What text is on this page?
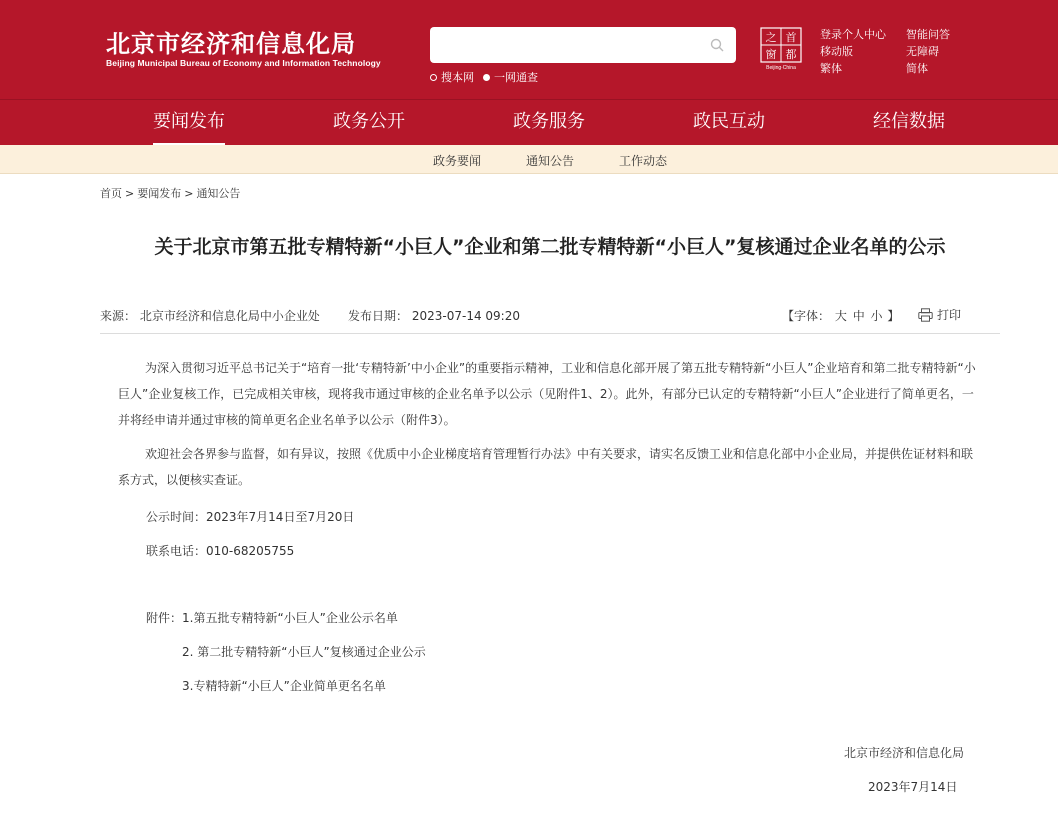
北京市经济和信息化局
Beijing Municipal Bureau of Economy and Information Technology
搜本网 一网通查
首
都
之
窗
Beijing·China
登录个人中心
移动版
繁体
智能问答
无障碍
简体
要闻发布	政务公开	政务服务	政民互动	经信数据
政务要闻	通知公告	工作动态
首页 > 要闻发布 > 通知公告
关于北京市第五批专精特新“小巨人”企业和第二批专精特新“小巨人”复核通过企业名单的公示
来源： 北京市经济和信息化局中小企业处 发布日期： 2023-07-14 09:20	【字体： 大 中 小 】	打印
为深入贯彻习近平总书记关于“培育一批‘专精特新’中小企业”的重要指示精神，工业和信息化部开展了第五批专精特新“小巨人”企业培育和第二批专精特新“小巨人”企业复核工作，已完成相关审核，现将我市通过审核的企业名单予以公示（见附件1、2）。此外，有部分已认定的专精特新“小巨人”企业进行了简单更名，一并将经申请并通过审核的简单更名企业名单予以公示（附件3）。
欢迎社会各界参与监督，如有异议，按照《优质中小企业梯度培育管理暂行办法》中有关要求，请实名反馈工业和信息化部中小企业局，并提供佐证材料和联系方式，以便核实查证。
公示时间：2023年7月14日至7月20日
联系电话：010-68205755
附件： 1.第五批专精特新“小巨人”企业公示名单
2. 第二批专精特新“小巨人”复核通过企业公示
3.专精特新“小巨人”企业简单更名名单
北京市经济和信息化局
2023年7月14日
